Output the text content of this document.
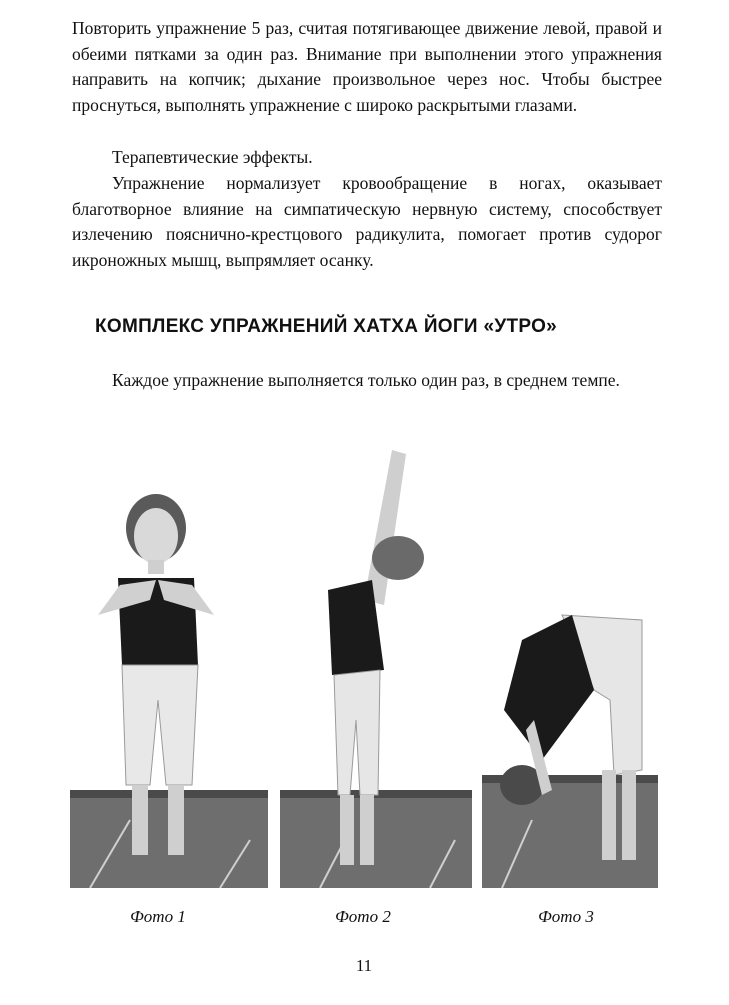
Повторить упражнение 5 раз, считая потягивающее движение левой, правой и обеими пятками за один раз. Внимание при выполнении этого упражнения направить на копчик; дыхание произвольное через нос. Чтобы быстрее проснуться, выполнять упражнение с широко раскрытыми глазами.

Терапевтические эффекты.

Упражнение нормализует кровообращение в ногах, оказывает благотворное влияние на симпатическую нервную систему, способствует излечению пояснично-крестцового радикулита, помогает против судорог икроножных мышц, выпрямляет осанку.

КОМПЛЕКС УПРАЖНЕНИЙ ХАТХА ЙОГИ «УТРО»

Каждое упражнение выполняется только один раз, в среднем темпе.

Фото 1	Фото 2	Фото 3
11
